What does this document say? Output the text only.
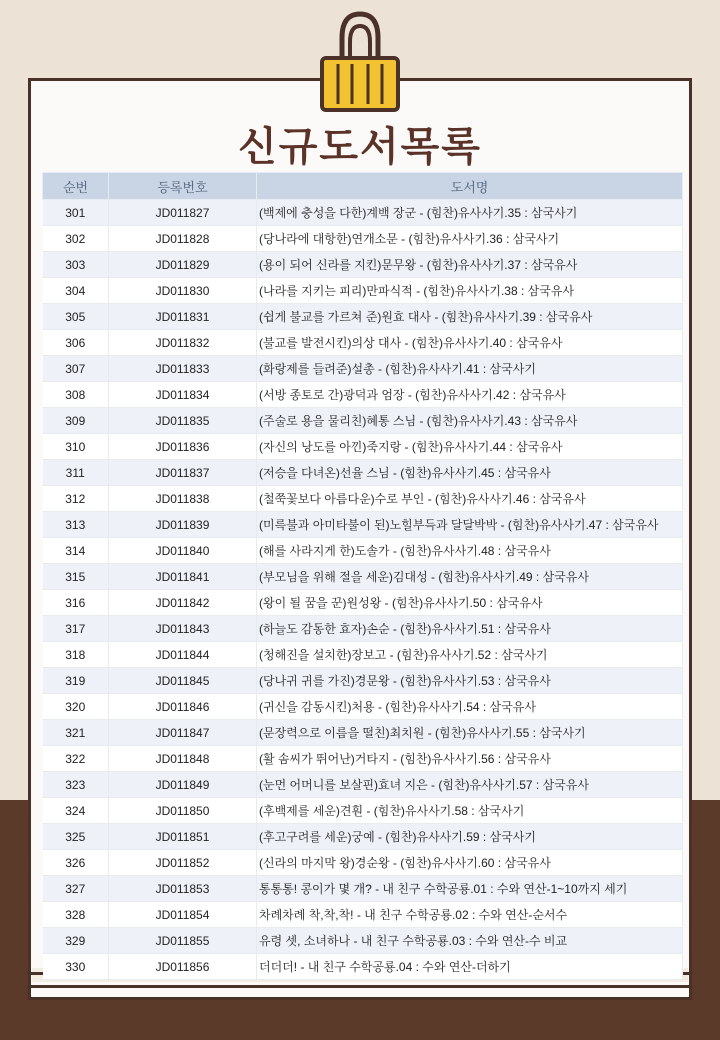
신규도서목록
순번	등록번호	도서명
301	JD011827	(백제에 충성을 다한)계백 장군 - (힘찬)유사사기.35 : 삼국사기
302	JD011828	(당나라에 대항한)연개소문 - (힘찬)유사사기.36 : 삼국사기
303	JD011829	(용이 되어 신라를 지킨)문무왕 - (힘찬)유사사기.37 : 삼국유사
304	JD011830	(나라를 지키는 피리)만파식적 - (힘찬)유사사기.38 : 삼국유사
305	JD011831	(쉽게 불교를 가르쳐 준)원효 대사 - (힘찬)유사사기.39 : 삼국유사
306	JD011832	(불교를 발전시킨)의상 대사 - (힘찬)유사사기.40 : 삼국유사
307	JD011833	(화랑제를 들려준)설총 - (힘찬)유사사기.41 : 삼국사기
308	JD011834	(서방 종토로 간)광덕과 엄장 - (힘찬)유사사기.42 : 삼국유사
309	JD011835	(주술로 용을 물리친)혜통 스님 - (힘찬)유사사기.43 : 삼국유사
310	JD011836	(자신의 낭도를 아낀)죽지랑 - (힘찬)유사사기.44 : 삼국유사
311	JD011837	(저승을 다녀온)선율 스님 - (힘찬)유사사기.45 : 삼국유사
312	JD011838	(철쭉꽃보다 아름다운)수로 부인 - (힘찬)유사사기.46 : 삼국유사
313	JD011839	(미륵불과 아미타불이 된)노힐부득과 달달박박 - (힘찬)유사사기.47 : 삼국유사
314	JD011840	(해를 사라지게 한)도솔가 - (힘찬)유사사기.48 : 삼국유사
315	JD011841	(부모님을 위해 절을 세운)김대성 - (힘찬)유사사기.49 : 삼국유사
316	JD011842	(왕이 될 꿈을 꾼)원성왕 - (힘찬)유사사기.50 : 삼국유사
317	JD011843	(하늘도 감동한 효자)손순 - (힘찬)유사사기.51 : 삼국유사
318	JD011844	(청해진을 설치한)장보고 - (힘찬)유사사기.52 : 삼국사기
319	JD011845	(당나귀 귀를 가진)경문왕 - (힘찬)유사사기.53 : 삼국유사
320	JD011846	(귀신을 감동시킨)처용 - (힘찬)유사사기.54 : 삼국유사
321	JD011847	(문장력으로 이름을 떨친)최치원 - (힘찬)유사사기.55 : 삼국사기
322	JD011848	(활 솜씨가 뛰어난)거타지 - (힘찬)유사사기.56 : 삼국유사
323	JD011849	(눈먼 어머니를 보살핀)효녀 지은 - (힘찬)유사사기.57 : 삼국유사
324	JD011850	(후백제를 세운)견훤 - (힘찬)유사사기.58 : 삼국사기
325	JD011851	(후고구려를 세운)궁예 - (힘찬)유사사기.59 : 삼국사기
326	JD011852	(신라의 마지막 왕)경순왕 - (힘찬)유사사기.60 : 삼국유사
327	JD011853	통통통! 콩이가 몇 개? - 내 친구 수학공룡.01 : 수와 연산-1~10까지 세기
328	JD011854	차례차례 착,착,착! - 내 친구 수학공룡.02 : 수와 연산-순서수
329	JD011855	유령 셋, 소녀하나 - 내 친구 수학공룡.03 : 수와 연산-수 비교
330	JD011856	더더더! - 내 친구 수학공룡.04 : 수와 연산-더하기
